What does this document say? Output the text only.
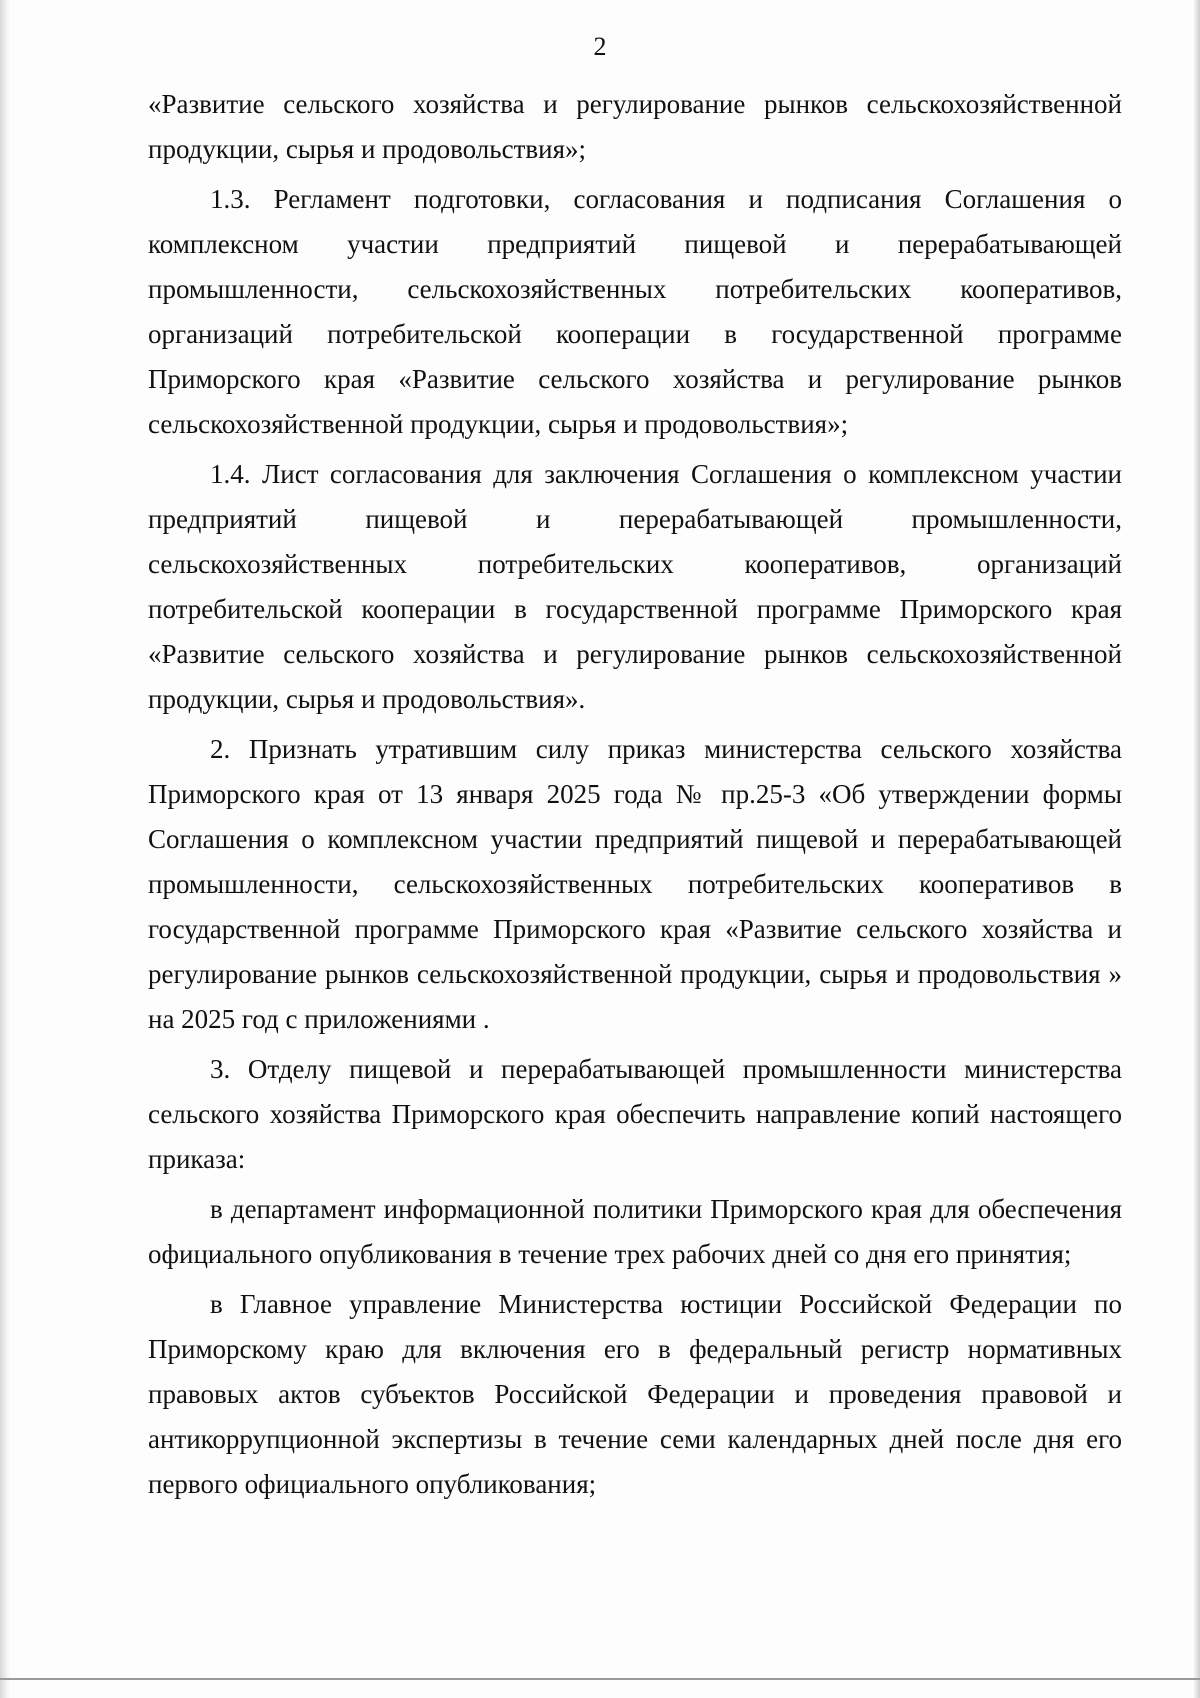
2

«Развитие сельского хозяйства и регулирование рынков сельскохозяйственной продукции, сырья и продовольствия»;

1.3. Регламент подготовки, согласования и подписания Соглашения о комплексном участии предприятий пищевой и перерабатывающей промышленности, сельскохозяйственных потребительских кооперативов, организаций потребительской кооперации в государственной программе Приморского края «Развитие сельского хозяйства и регулирование рынков сельскохозяйственной продукции, сырья и продовольствия»;

1.4. Лист согласования для заключения Соглашения о комплексном участии предприятий пищевой и перерабатывающей промышленности, сельскохозяйственных потребительских кооперативов, организаций потребительской кооперации в государственной программе Приморского края «Развитие сельского хозяйства и регулирование рынков сельскохозяйственной продукции, сырья и продовольствия».

2. Признать утратившим силу приказ министерства сельского хозяйства Приморского края от 13 января 2025 года № пр.25-3 «Об утверждении формы Соглашения о комплексном участии предприятий пищевой и перерабатывающей промышленности, сельскохозяйственных потребительских кооперативов в государственной программе Приморского края «Развитие сельского хозяйства и регулирование рынков сельскохозяйственной продукции, сырья и продовольствия » на 2025 год с приложениями .

3. Отделу пищевой и перерабатывающей промышленности министерства сельского хозяйства Приморского края обеспечить направление копий настоящего приказа:

в департамент информационной политики Приморского края для обеспечения официального опубликования в течение трех рабочих дней со дня его принятия;

в Главное управление Министерства юстиции Российской Федерации по Приморскому краю для включения его в федеральный регистр нормативных правовых актов субъектов Российской Федерации и проведения правовой и антикоррупционной экспертизы в течение семи календарных дней после дня его первого официального опубликования;
